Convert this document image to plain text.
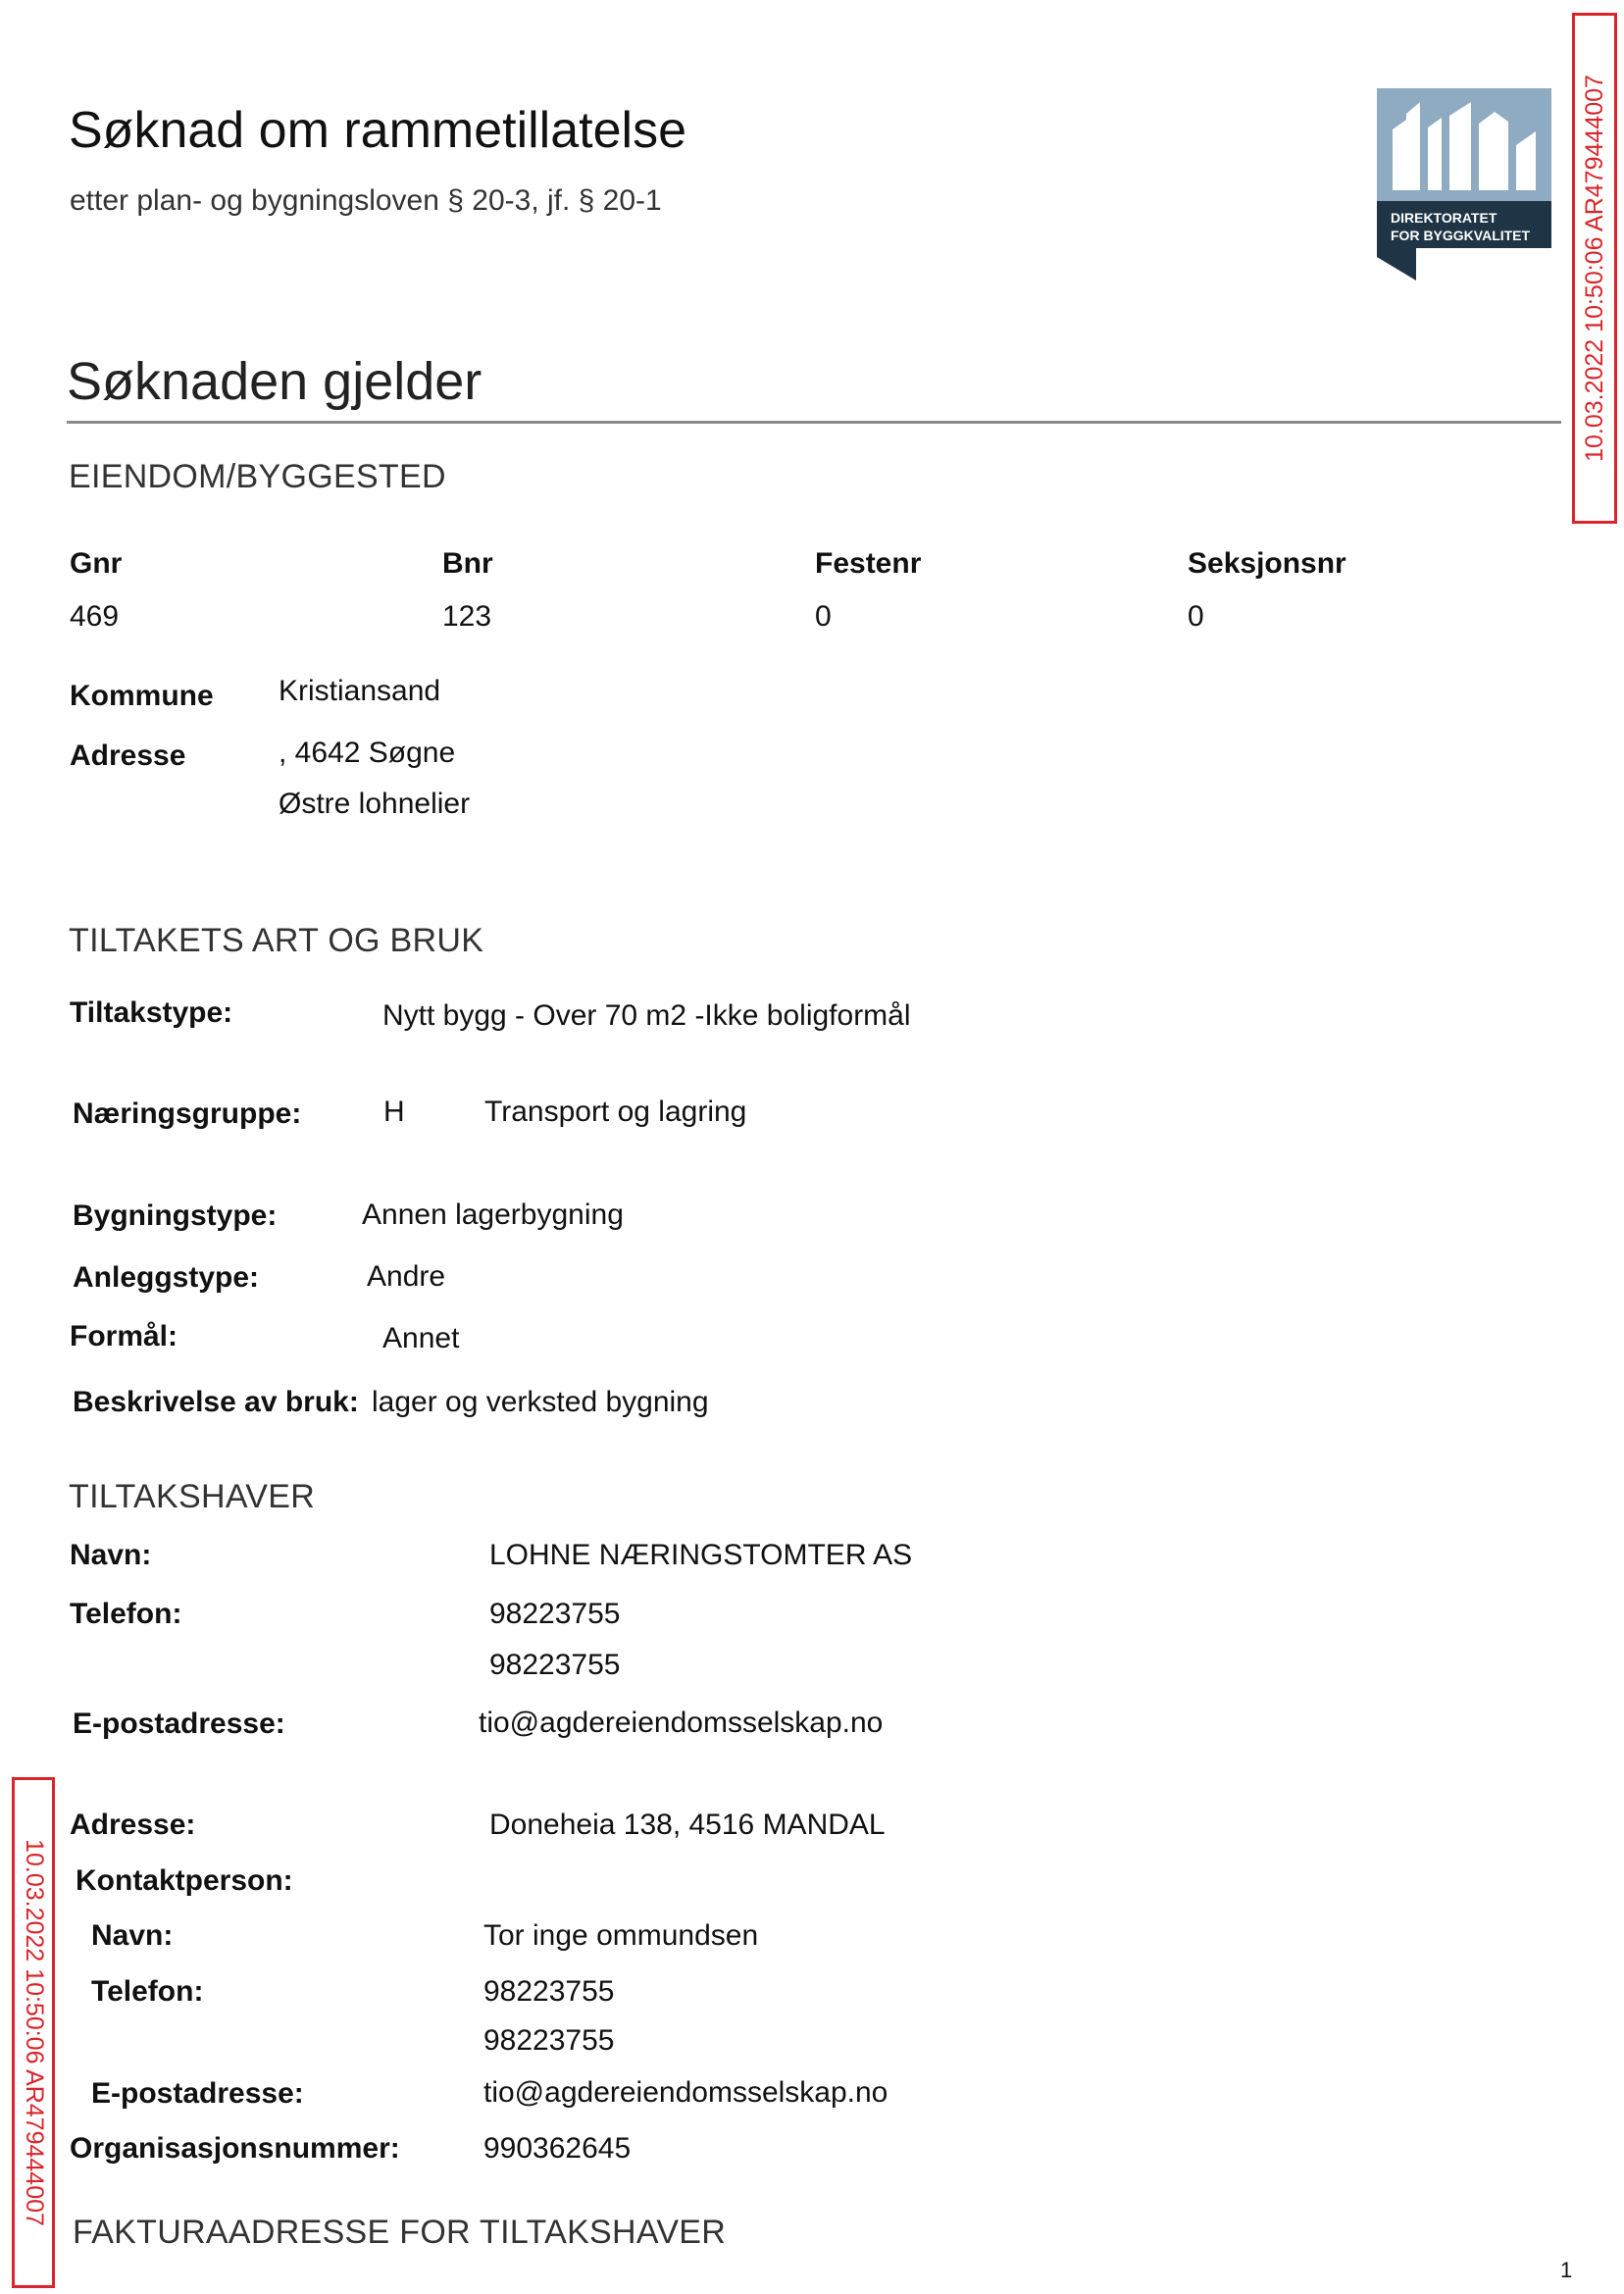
Søknad om rammetillatelse
etter plan- og bygningsloven § 20-3, jf. § 20-1
DIREKTORATET
FOR BYGGKVALITET 10.03.2022 10:50:06 AR479444007
Søknaden gjelder
EIENDOM/BYGGESTED
Gnr	Bnr	Festenr	Seksjonsnr
469	123	0	0
Kommune Kristiansand
Adresse	, 4642 Søgne
Østre lohnelier
TILTAKETS ART OG BRUK
Tiltakstype:	Nytt bygg - Over 70 m2 -Ikke boligformål
Næringsgruppe:	H	Transport og lagring
Bygningstype:	Annen lagerbygning
Anleggstype:	Andre
Formål:	Annet
Beskrivelse av bruk: lager og verksted bygning
TILTAKSHAVER
Navn:	LOHNE NÆRINGSTOMTER AS
Telefon:	98223755
98223755
E-postadresse:	tio@agdereiendomsselskap.no
10.03.2022 10:50:06 AR479444007
Adresse:	Doneheia 138, 4516 MANDAL
Kontaktperson:
Navn:	Tor inge ommundsen
Telefon:	98223755
98223755
E-postadresse:	tio@agdereiendomsselskap.no
Organisasjonsnummer:	990362645
FAKTURAADRESSE FOR TILTAKSHAVER
1
